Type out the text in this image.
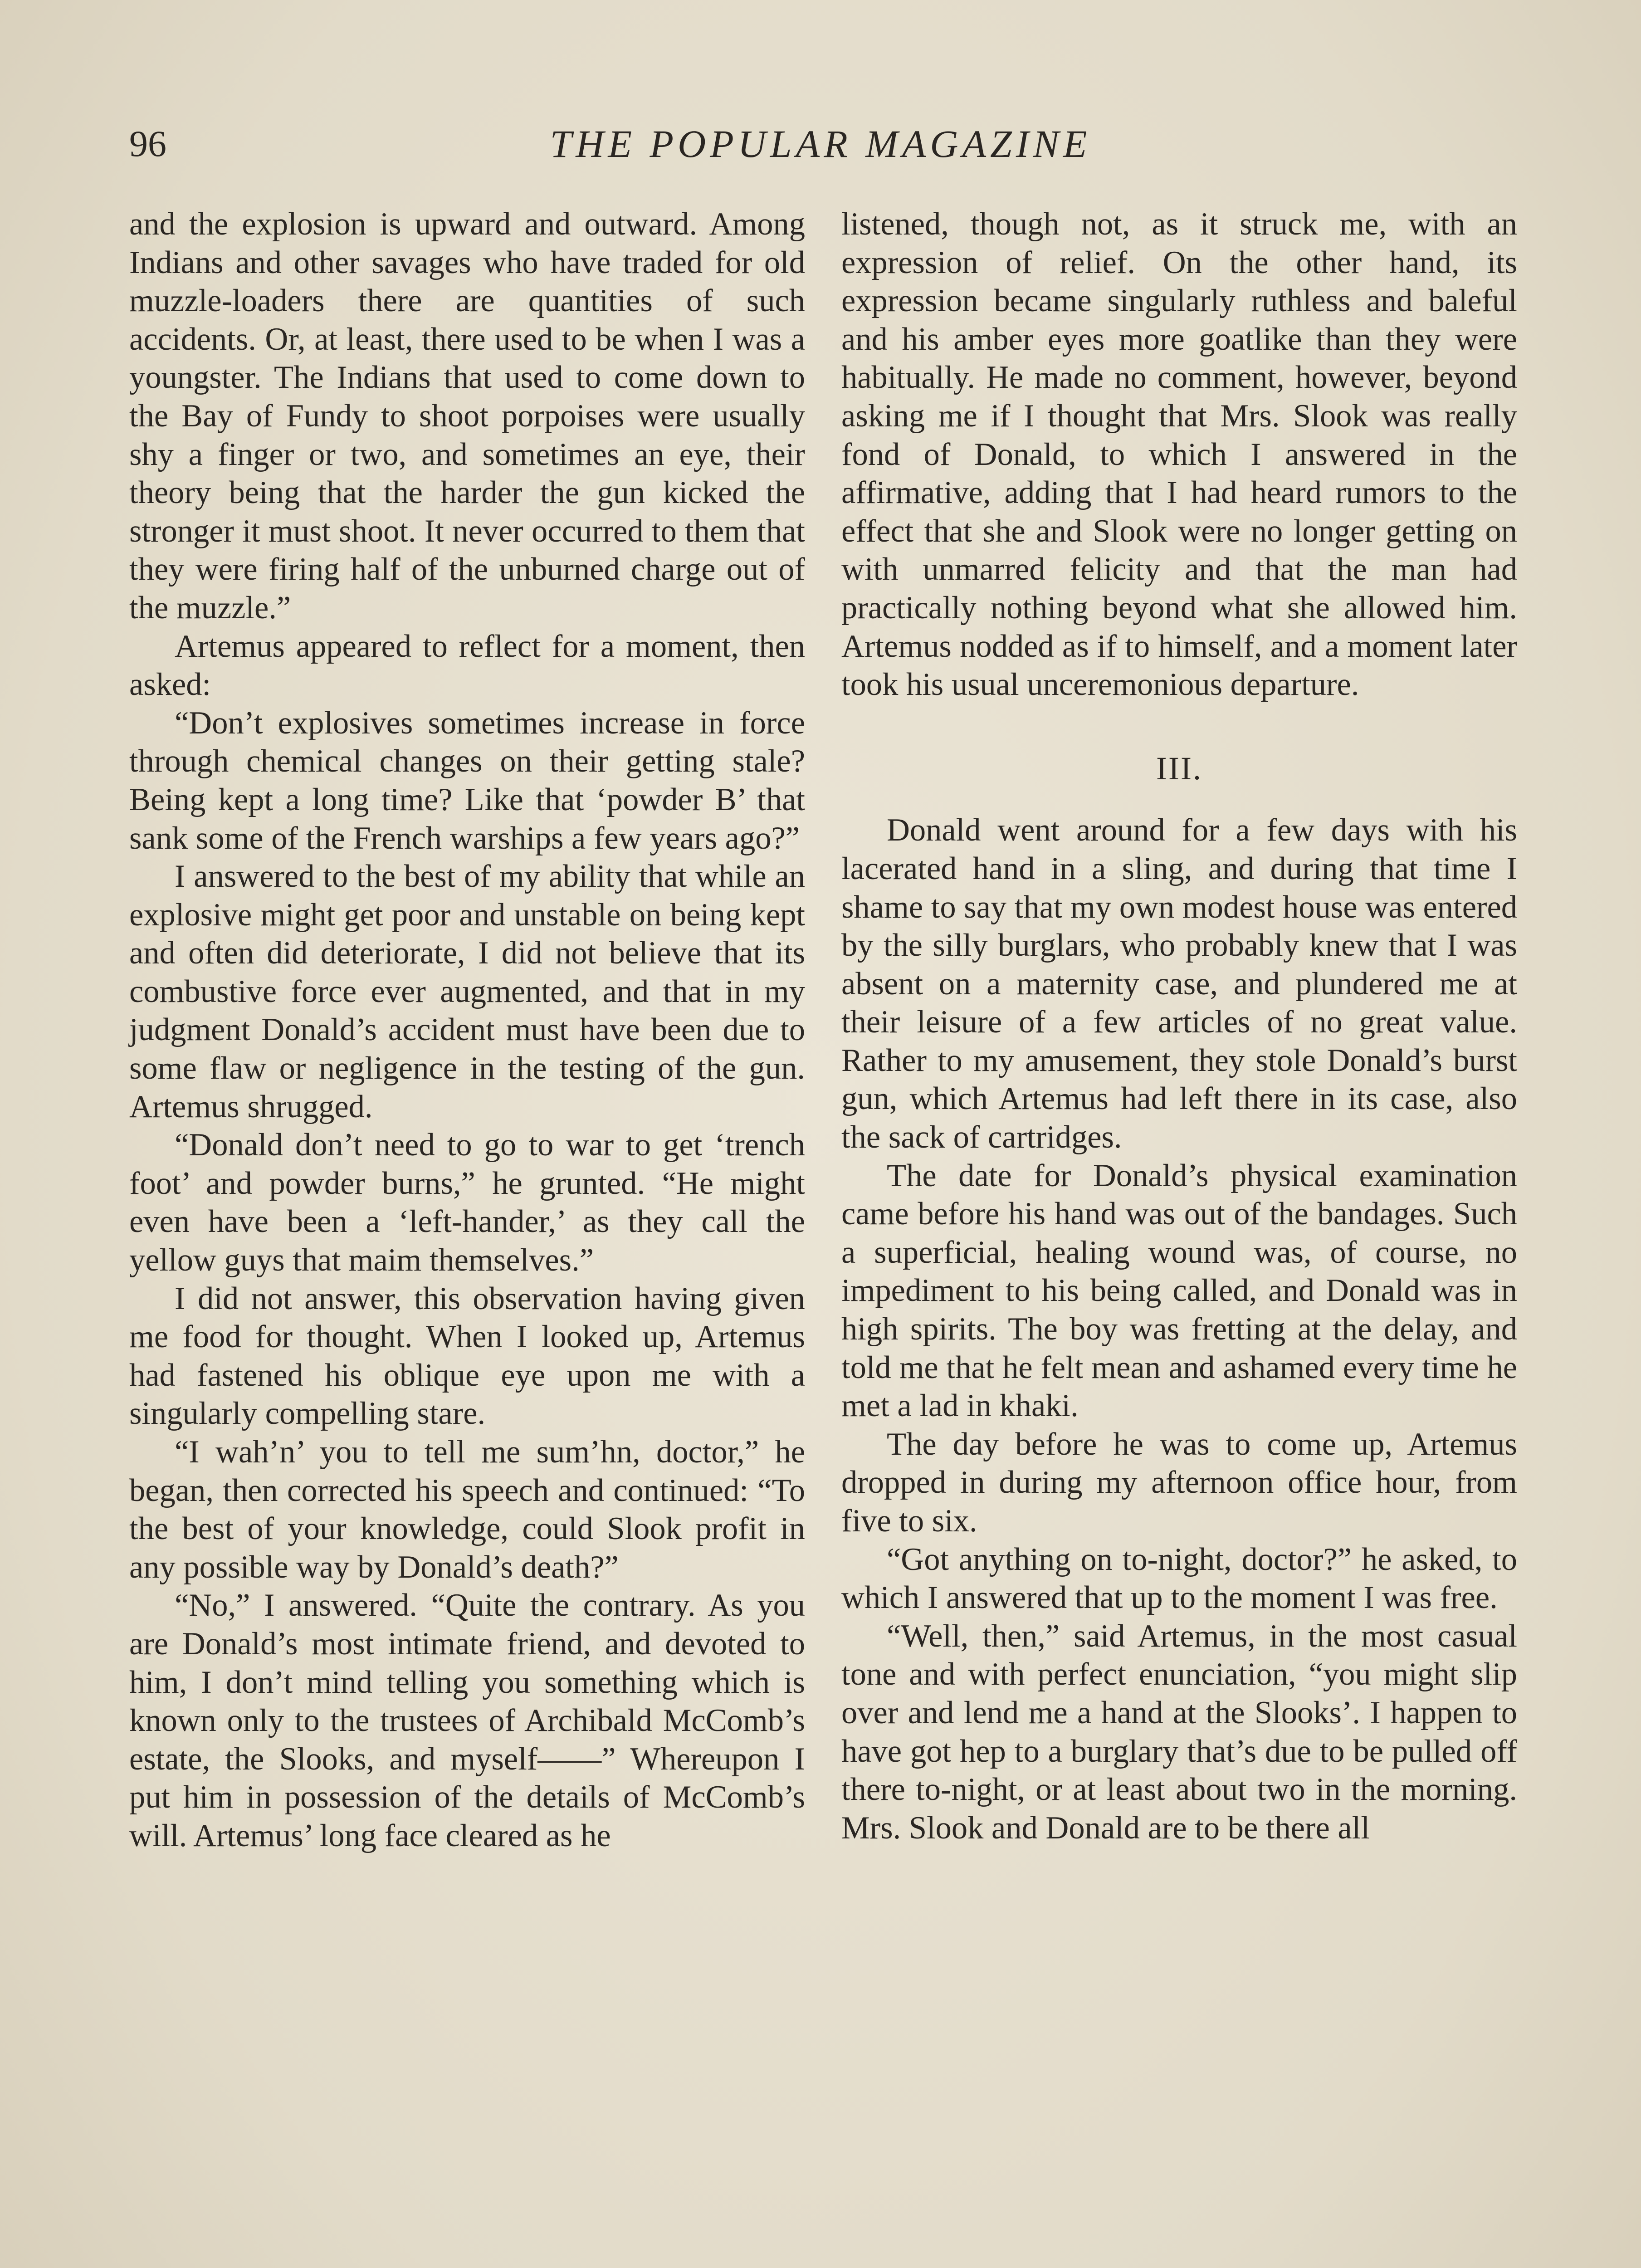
96	THE POPULAR MAGAZINE

and the explosion is upward and outward. Among Indians and other savages who have traded for old muzzle-loaders there are quantities of such accidents. Or, at least, there used to be when I was a youngster. The Indians that used to come down to the Bay of Fundy to shoot porpoises were usually shy a finger or two, and sometimes an eye, their theory being that the harder the gun kicked the stronger it must shoot. It never occurred to them that they were firing half of the unburned charge out of the muzzle.”

Artemus appeared to reflect for a moment, then asked:

“Don’t explosives sometimes increase in force through chemical changes on their getting stale? Being kept a long time? Like that ‘powder B’ that sank some of the French warships a few years ago?”

I answered to the best of my ability that while an explosive might get poor and unstable on being kept and often did deteriorate, I did not believe that its combustive force ever augmented, and that in my judgment Donald’s accident must have been due to some flaw or negligence in the testing of the gun. Artemus shrugged.

“Donald don’t need to go to war to get ‘trench foot’ and powder burns,” he grunted. “He might even have been a ‘left-hander,’ as they call the yellow guys that maim themselves.”

I did not answer, this observation having given me food for thought. When I looked up, Artemus had fastened his oblique eye upon me with a singularly compelling stare.

“I wah’n’ you to tell me sum’hn, doctor,” he began, then corrected his speech and continued: “To the best of your knowledge, could Slook profit in any possible way by Donald’s death?”

“No,” I answered. “Quite the contrary. As you are Donald’s most intimate friend, and devoted to him, I don’t mind telling you something which is known only to the trustees of Archibald McComb’s estate, the Slooks, and myself——” Whereupon I put him in possession of the details of McComb’s will. Artemus’ long face cleared as he

listened, though not, as it struck me, with an expression of relief. On the other hand, its expression became singularly ruthless and baleful and his amber eyes more goatlike than they were habitually. He made no comment, however, beyond asking me if I thought that Mrs. Slook was really fond of Donald, to which I answered in the affirmative, adding that I had heard rumors to the effect that she and Slook were no longer getting on with unmarred felicity and that the man had practically nothing beyond what she allowed him. Artemus nodded as if to himself, and a moment later took his usual unceremonious departure.

III.

Donald went around for a few days with his lacerated hand in a sling, and during that time I shame to say that my own modest house was entered by the silly burglars, who probably knew that I was absent on a maternity case, and plundered me at their leisure of a few articles of no great value. Rather to my amusement, they stole Donald’s burst gun, which Artemus had left there in its case, also the sack of cartridges.

The date for Donald’s physical examination came before his hand was out of the bandages. Such a superficial, healing wound was, of course, no impediment to his being called, and Donald was in high spirits. The boy was fretting at the delay, and told me that he felt mean and ashamed every time he met a lad in khaki.

The day before he was to come up, Artemus dropped in during my afternoon office hour, from five to six.

“Got anything on to-night, doctor?” he asked, to which I answered that up to the moment I was free.

“Well, then,” said Artemus, in the most casual tone and with perfect enunciation, “you might slip over and lend me a hand at the Slooks’. I happen to have got hep to a burglary that’s due to be pulled off there to-night, or at least about two in the morning. Mrs. Slook and Donald are to be there all
